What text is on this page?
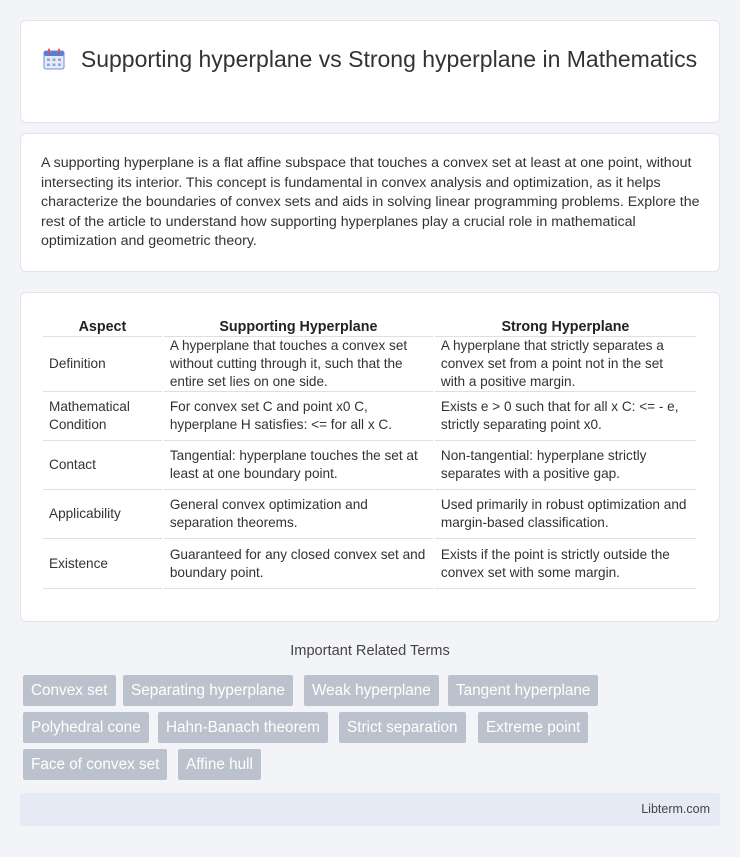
Supporting hyperplane vs Strong hyperplane in Mathematics

A supporting hyperplane is a flat affine subspace that touches a convex set at least at one point, without intersecting its interior. This concept is fundamental in convex analysis and optimization, as it helps characterize the boundaries of convex sets and aids in solving linear programming problems. Explore the rest of the article to understand how supporting hyperplanes play a crucial role in mathematical optimization and geometric theory.

Aspect	Supporting Hyperplane	Strong Hyperplane
Definition	A hyperplane that touches a convex set without cutting through it, such that the entire set lies on one side.	A hyperplane that strictly separates a convex set from a point not in the set with a positive margin.
Mathematical Condition	For convex set C and point x0 C, hyperplane H satisfies: <= for all x C.	Exists e > 0 such that for all x C: <= - e, strictly separating point x0.
Contact	Tangential: hyperplane touches the set at least at one boundary point.	Non-tangential: hyperplane strictly separates with a positive gap.
Applicability	General convex optimization and separation theorems.	Used primarily in robust optimization and margin-based classification.
Existence	Guaranteed for any closed convex set and boundary point.	Exists if the point is strictly outside the convex set with some margin.
Important Related Terms
Convex set	Separating hyperplane	Weak hyperplane	Tangent hyperplane
Polyhedral cone	Hahn-Banach theorem	Strict separation	Extreme point
Face of convex set	Affine hull
Libterm.com
